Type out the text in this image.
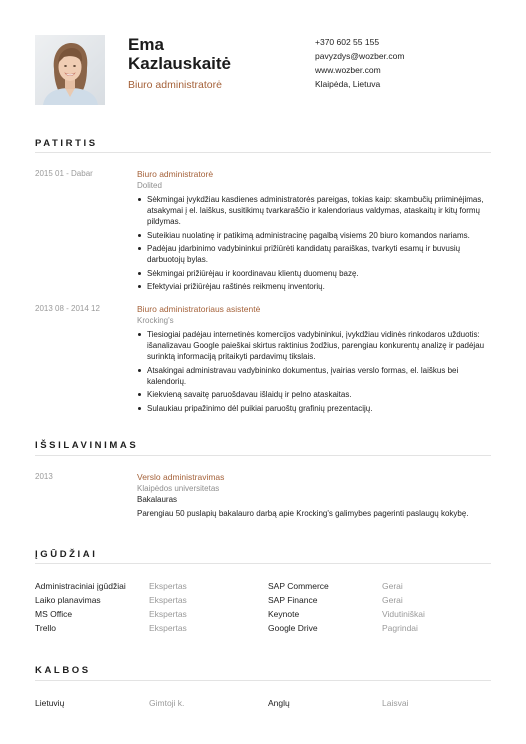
Ema
Kazlauskaitė
Biuro administratorė
+370 602 55 155
pavyzdys@wozber.com
www.wozber.com
Klaipėda, Lietuva
PATIRTIS
2015 01 - Dabar	Biuro administratorė
Dolited
Sėkmingai įvykdžiau kasdienes administratorės pareigas, tokias kaip: skambučių priiminėjimas, atsakymai į el. laiškus, susitikimų tvarkaraščio ir kalendoriaus valdymas, ataskaitų ir kitų formų pildymas.
Suteikiau nuolatinę ir patikimą administracinę pagalbą visiems 20 biuro komandos nariams.
Padėjau įdarbinimo vadybininkui prižiūrėti kandidatų paraiškas, tvarkyti esamų ir buvusių darbuotojų bylas.
Sėkmingai prižiūrėjau ir koordinavau klientų duomenų bazę.
Efektyviai prižiūrėjau raštinės reikmenų inventorių.
2013 08 - 2014 12	Biuro administratoriaus asistentė
Krocking's
Tiesiogiai padėjau internetinės komercijos vadybininkui, įvykdžiau vidinės rinkodaros užduotis: išanalizavau Google paieškai skirtus raktinius žodžius, parengiau konkurentų analizę ir padėjau surinktą informaciją pritaikyti pardavimų tikslais.
Atsakingai administravau vadybininko dokumentus, įvairias verslo formas, el. laiškus bei kalendorių.
Kiekvieną savaitę paruošdavau išlaidų ir pelno ataskaitas.
Sulaukiau pripažinimo dėl puikiai paruoštų grafinių prezentacijų.
IŠSILAVINIMAS
2013	Verslo administravimas
Klaipėdos universitetas
Bakalauras
Parengiau 50 puslapių bakalauro darbą apie Krocking's galimybes pagerinti paslaugų kokybę.
ĮGŪDŽIAI
Administraciniai įgūdžiai	Ekspertas	SAP Commerce	Gerai
Laiko planavimas	Ekspertas	SAP Finance	Gerai
MS Office	Ekspertas	Keynote	Vidutiniškai
Trello	Ekspertas	Google Drive	Pagrindai
KALBOS
Lietuvių	Gimtoji k.	Anglų	Laisvai
